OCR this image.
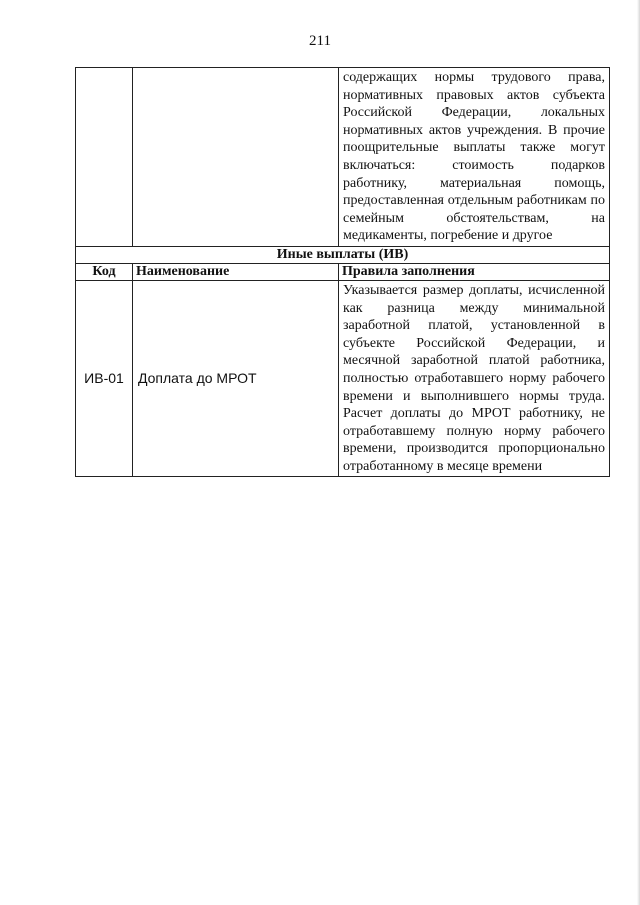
211
		содержащих нормы трудового права, нормативных правовых актов субъекта Российской Федерации, локальных нормативных актов учреждения. В прочие поощрительные выплаты также могут включаться: стоимость подарков работнику, материальная помощь, предоставленная отдельным работникам по семейным обстоятельствам, на медикаменты, погребение и другое
Иные выплаты (ИВ)		
Код	Наименование	Правила заполнения
ИВ-01	Доплата до МРОТ	Указывается размер доплаты, исчисленной как разница между минимальной заработной платой, установленной в субъекте Российской Федерации, и месячной заработной платой работника, полностью отработавшего норму рабочего времени и выполнившего нормы труда. Расчет доплаты до МРОТ работнику, не отработавшему полную норму рабочего времени, производится пропорционально отработанному в месяце времени
